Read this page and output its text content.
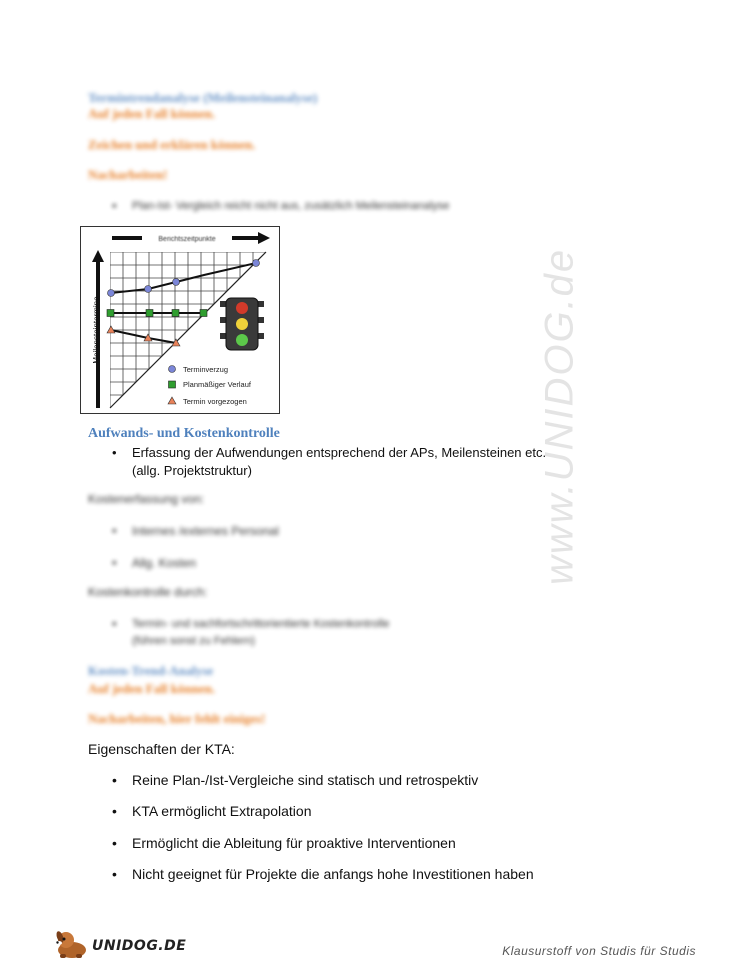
www.UNIDOG.de
Termintrendanalyse (Meilensteinanalyse)
Auf jeden Fall können.
Zeichen und erklären können.
Nacharbeiten!
•	Plan-Ist- Vergleich reicht nicht aus, zusätzlich Meilensteinanalyse
Berichtszeitpunkte
Meilensteintermine
Terminverzug
Planmäßiger Verlauf
Termin vorgezogen
Aufwands- und Kostenkontrolle
•	Erfassung der Aufwendungen entsprechend der APs, Meilensteinen etc.
(allg. Projektstruktur)
Kostenerfassung von:
•	Internes /externes Personal
•	Allg. Kosten
Kostenkontrolle durch:
•	Termin- und sachfortschrittorientierte Kostenkontrolle
(führen sonst zu Fehlern)
Kosten-Trend-Analyse
Auf jeden Fall können.
Nacharbeiten, hier fehlt einiges!
Eigenschaften der KTA:
•	Reine Plan-/Ist-Vergleiche sind statisch und retrospektiv
•	KTA ermöglicht Extrapolation
•	Ermöglicht die Ableitung für proaktive Interventionen
•	Nicht geeignet für Projekte die anfangs hohe Investitionen haben
UNIDOG.DE	Klausurstoff von Studis für Studis
